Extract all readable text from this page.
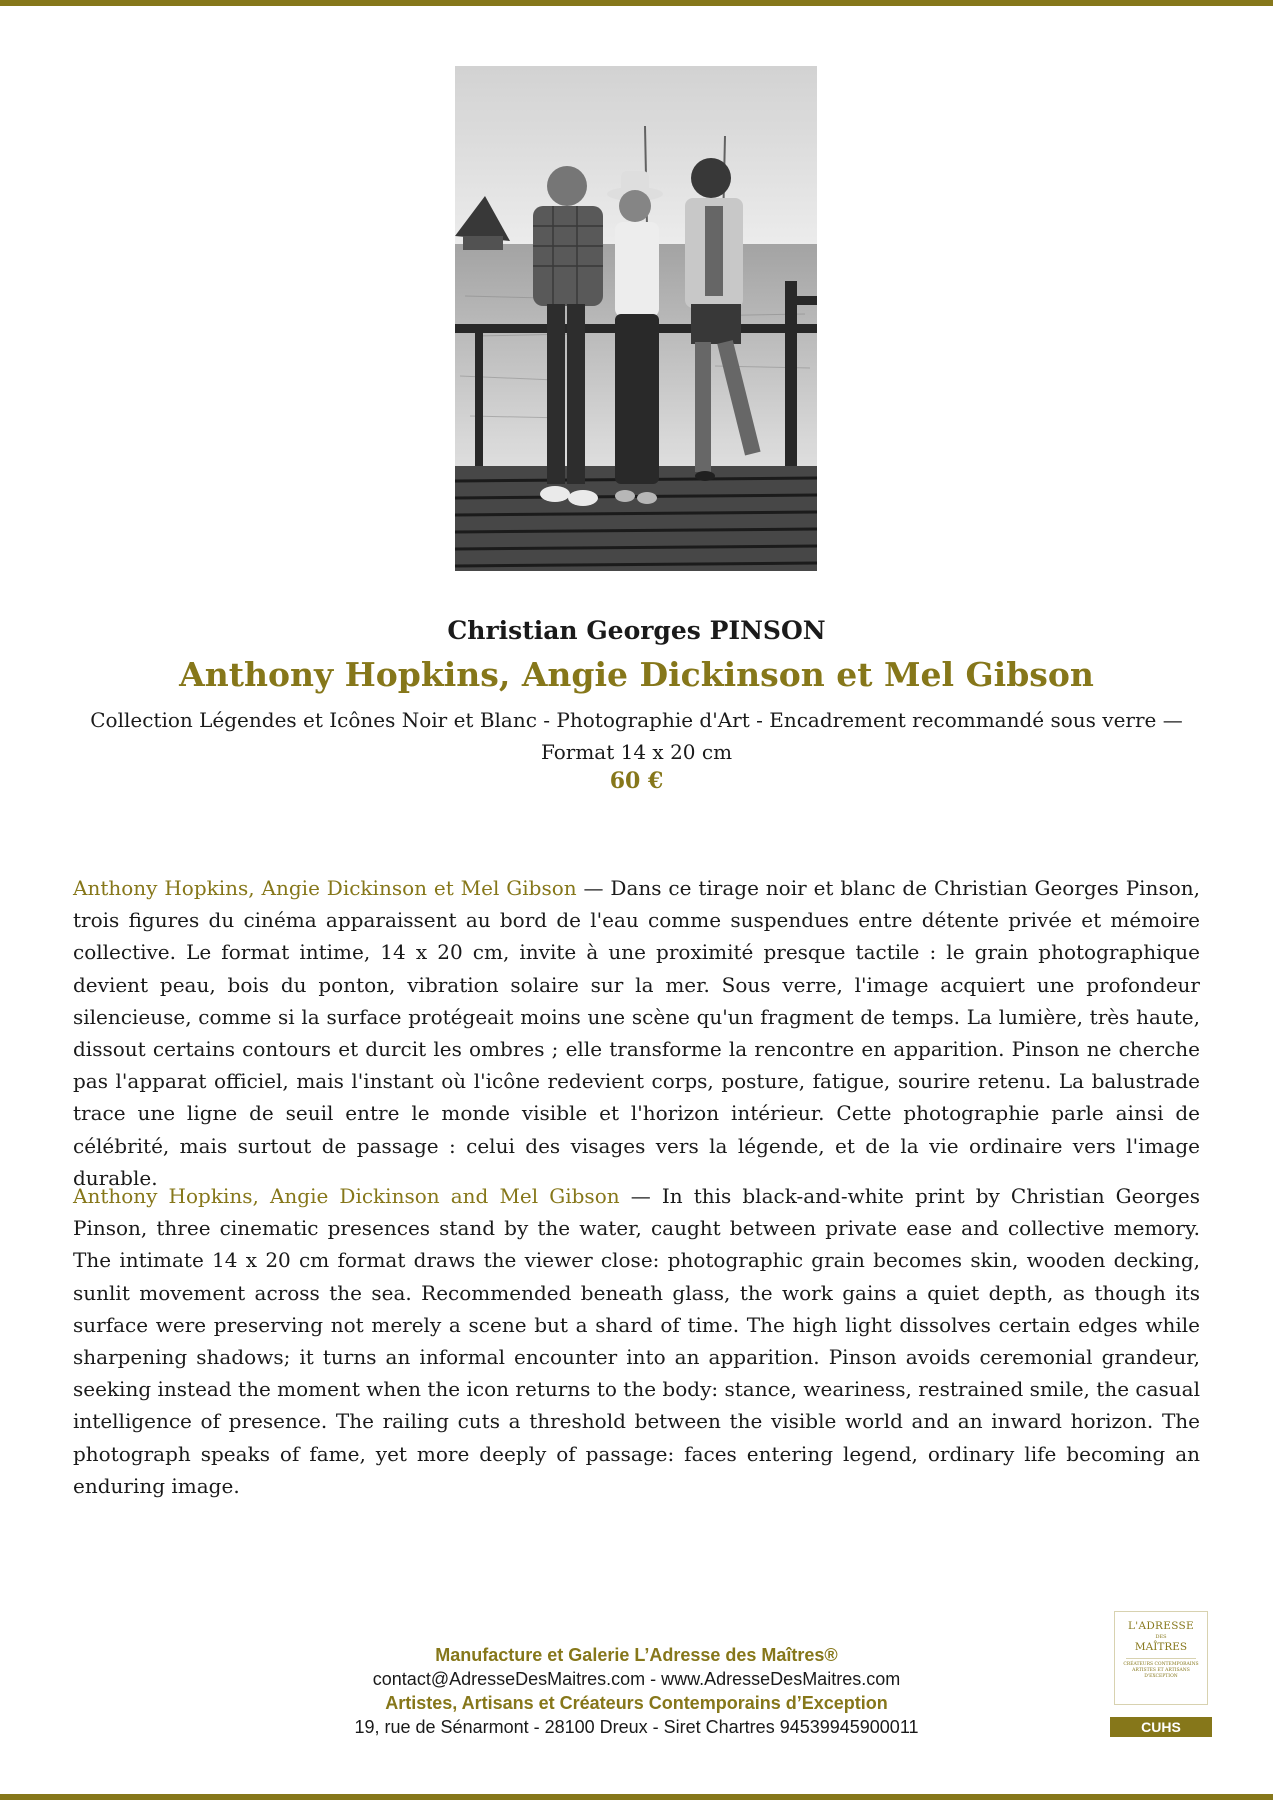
Christian Georges PINSON
Anthony Hopkins, Angie Dickinson et Mel Gibson
Collection Légendes et Icônes Noir et Blanc - Photographie d'Art - Encadrement recommandé sous verre — Format 14 x 20 cm
60 €

Anthony Hopkins, Angie Dickinson et Mel Gibson — Dans ce tirage noir et blanc de Christian Georges Pinson, trois figures du cinéma apparaissent au bord de l'eau comme suspendues entre détente privée et mémoire collective. Le format intime, 14 x 20 cm, invite à une proximité presque tactile : le grain photographique devient peau, bois du ponton, vibration solaire sur la mer. Sous verre, l'image acquiert une profondeur silencieuse, comme si la surface protégeait moins une scène qu'un fragment de temps. La lumière, très haute, dissout certains contours et durcit les ombres ; elle transforme la rencontre en apparition. Pinson ne cherche pas l'apparat officiel, mais l'instant où l'icône redevient corps, posture, fatigue, sourire retenu. La balustrade trace une ligne de seuil entre le monde visible et l'horizon intérieur. Cette photographie parle ainsi de célébrité, mais surtout de passage : celui des visages vers la légende, et de la vie ordinaire vers l'image durable.

Anthony Hopkins, Angie Dickinson and Mel Gibson — In this black-and-white print by Christian Georges Pinson, three cinematic presences stand by the water, caught between private ease and collective memory. The intimate 14 x 20 cm format draws the viewer close: photographic grain becomes skin, wooden decking, sunlit movement across the sea. Recommended beneath glass, the work gains a quiet depth, as though its surface were preserving not merely a scene but a shard of time. The high light dissolves certain edges while sharpening shadows; it turns an informal encounter into an apparition. Pinson avoids ceremonial grandeur, seeking instead the moment when the icon returns to the body: stance, weariness, restrained smile, the casual intelligence of presence. The railing cuts a threshold between the visible world and an inward horizon. The photograph speaks of fame, yet more deeply of passage: faces entering legend, ordinary life becoming an enduring image.

Manufacture et Galerie L’Adresse des Maîtres®
contact@AdresseDesMaitres.com - www.AdresseDesMaitres.com
Artistes, Artisans et Créateurs Contemporains d’Exception
19, rue de Sénarmont - 28100 Dreux - Siret Chartres 94539945900011
L'ADRESSE
DES
MAÎTRES
CRÉATEURS CONTEMPORAINS ARTISTES ET ARTISANS D'EXCEPTION
CUHS
